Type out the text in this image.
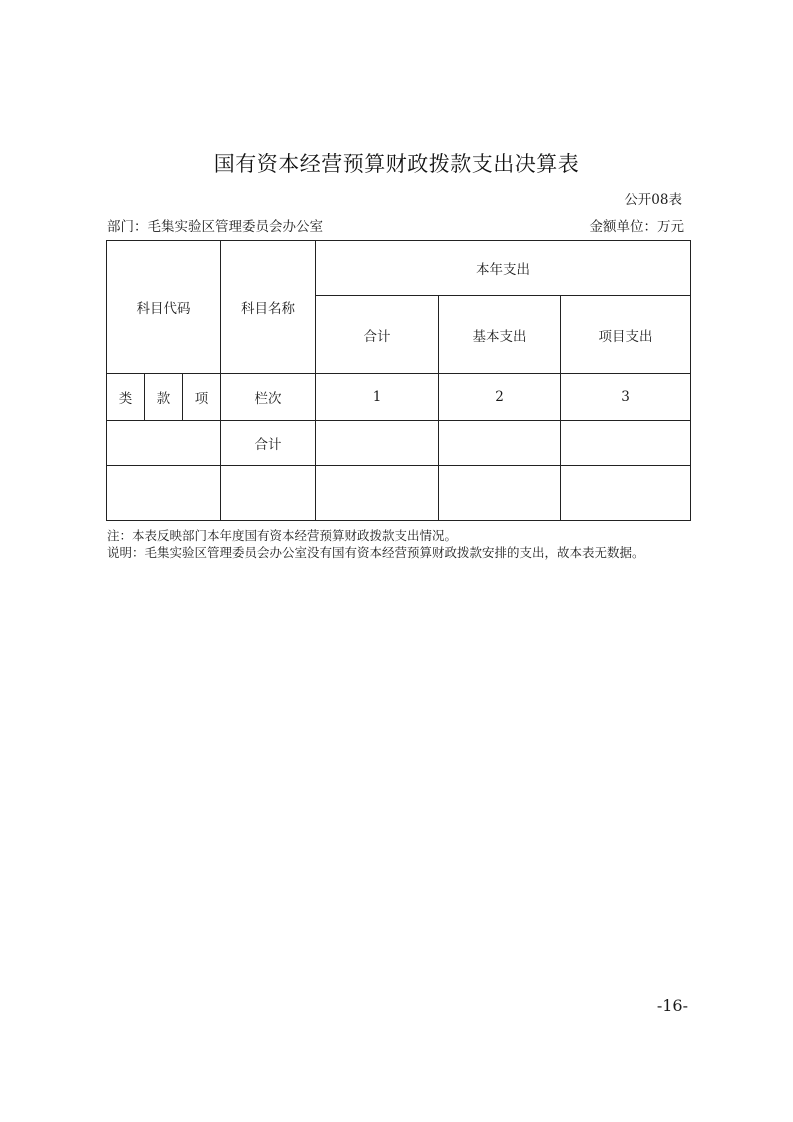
国有资本经营预算财政拨款支出决算表
公开08表
部门：毛集实验区管理委员会办公室	金额单位：万元
科目代码			科目名称	本年支出		
				合计	基本支出	项目支出
类	款	项	栏次	1	2	3
			合计			

注：本表反映部门本年度国有资本经营预算财政拨款支出情况。
说明：毛集实验区管理委员会办公室没有国有资本经营预算财政拨款安排的支出，故本表无数据。
-16-
